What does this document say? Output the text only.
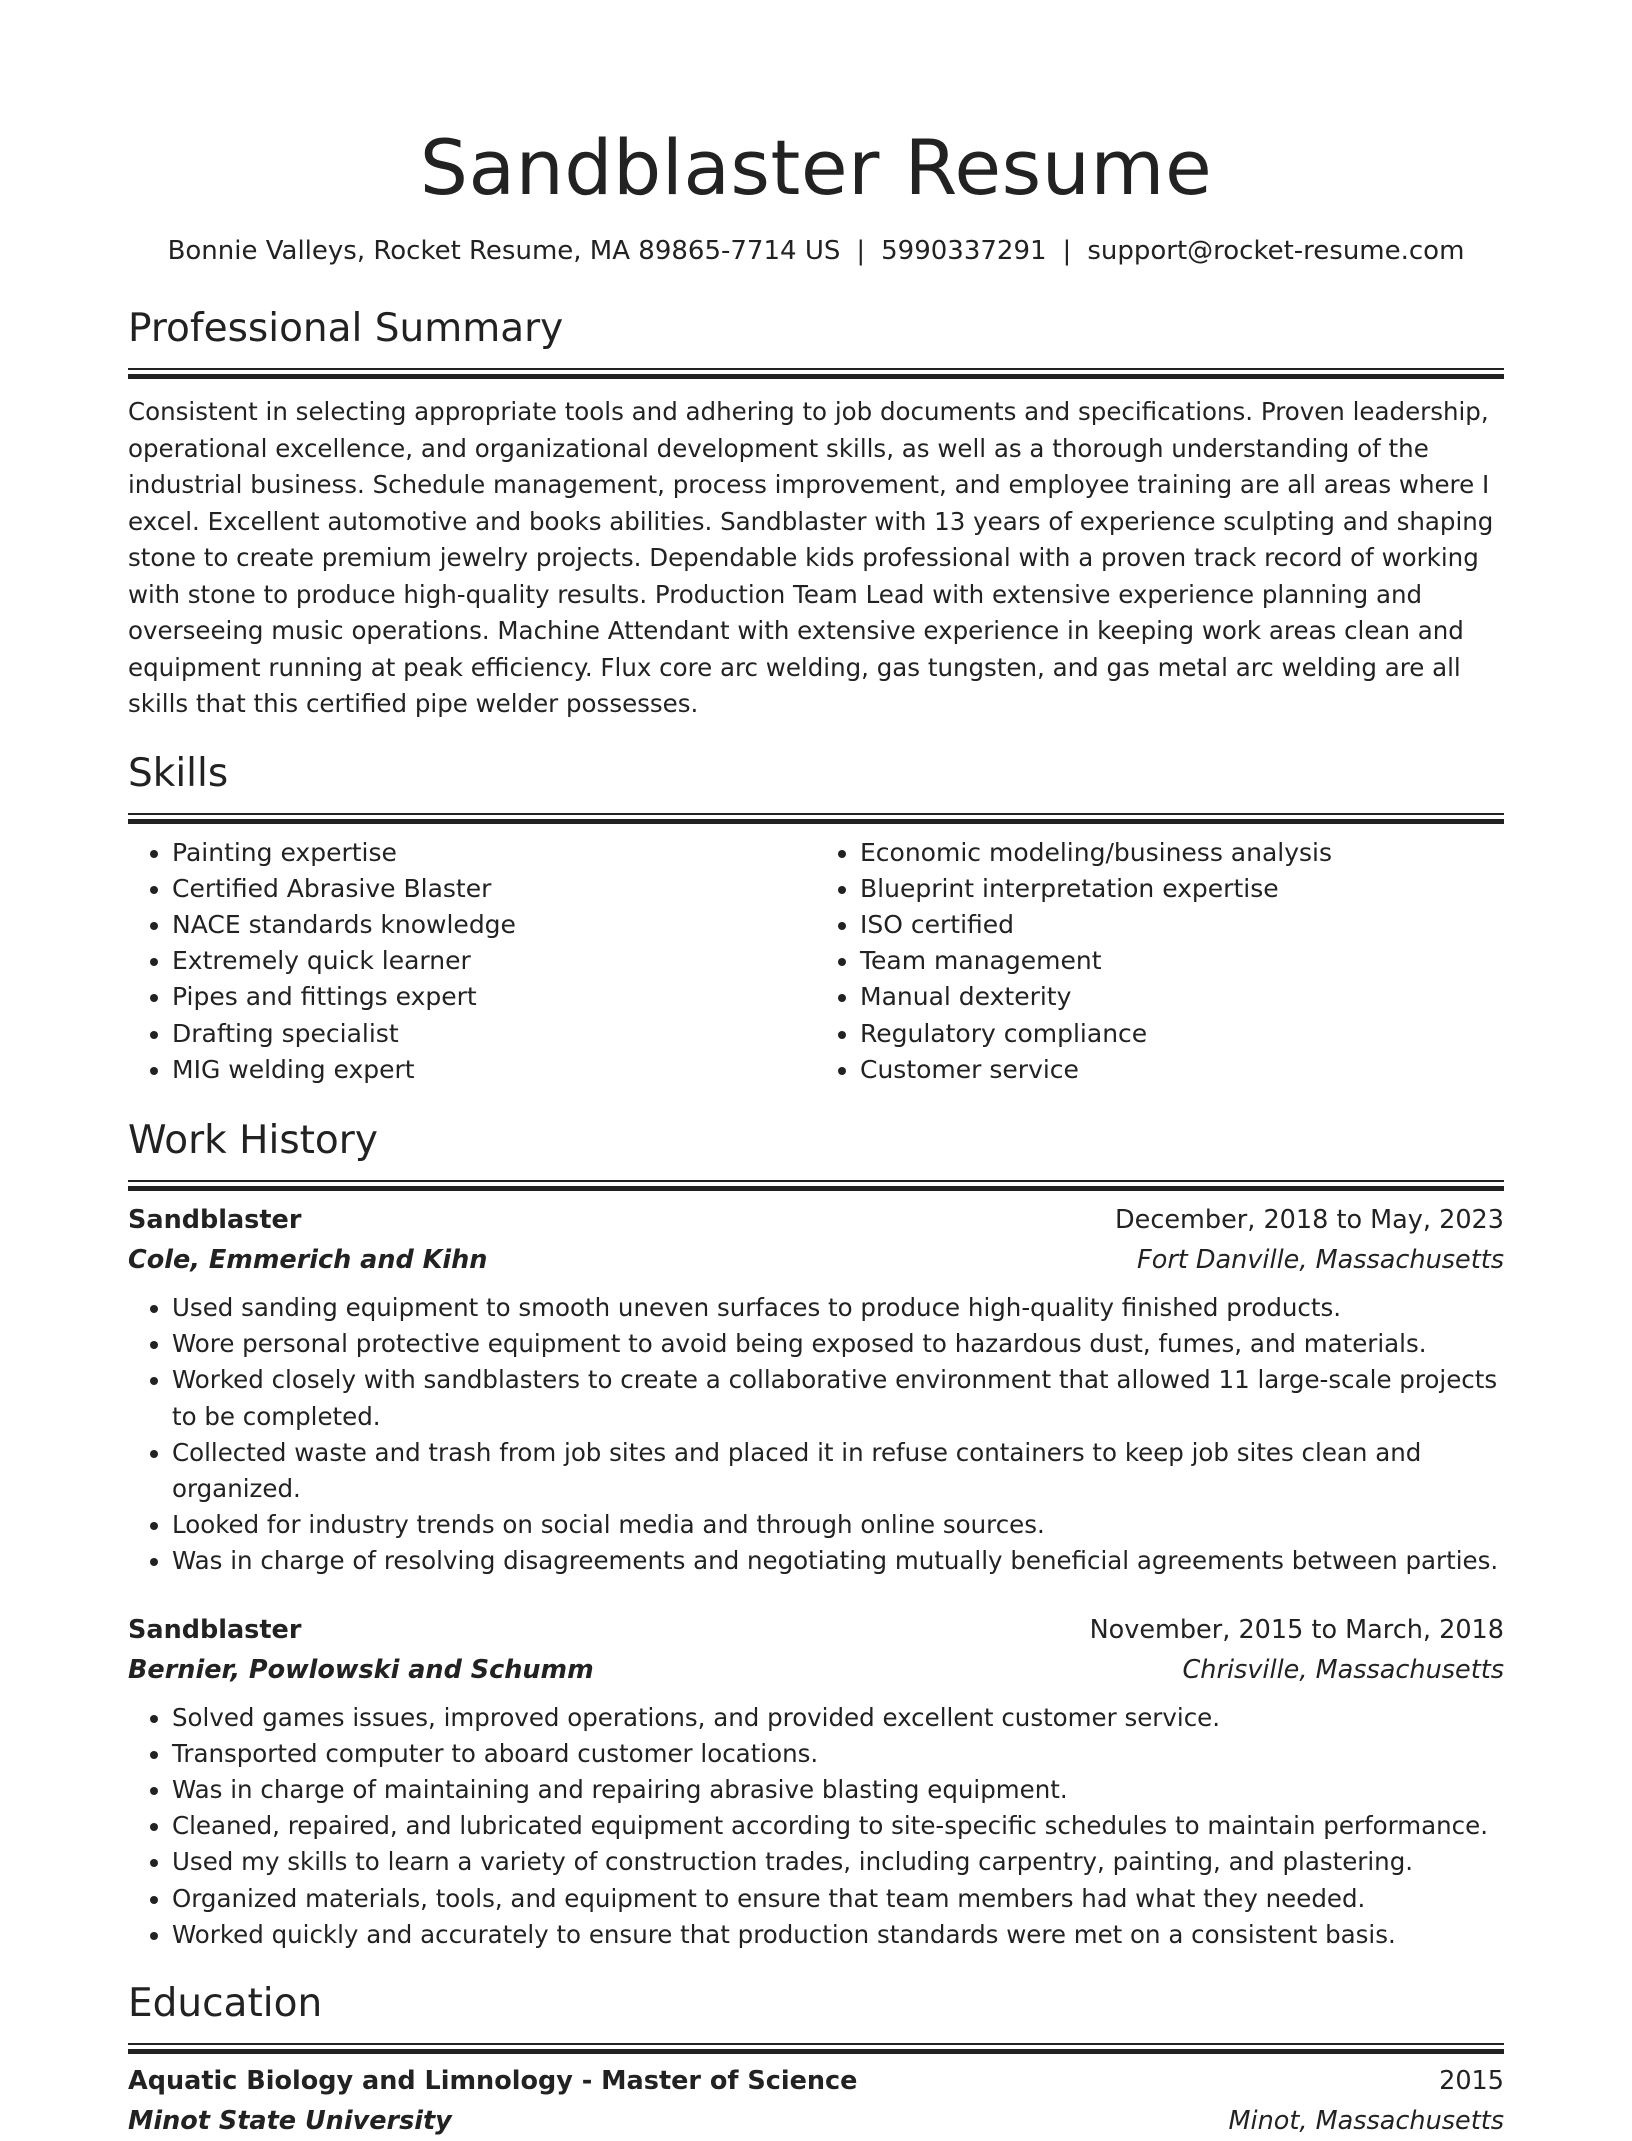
Sandblaster Resume
Bonnie Valleys, Rocket Resume, MA 89865-7714 US | 5990337291 | support@rocket-resume.com
Professional Summary

Consistent in selecting appropriate tools and adhering to job documents and specifications. Proven leadership, operational excellence, and organizational development skills, as well as a thorough understanding of the industrial business. Schedule management, process improvement, and employee training are all areas where I excel. Excellent automotive and books abilities. Sandblaster with 13 years of experience sculpting and shaping stone to create premium jewelry projects. Dependable kids professional with a proven track record of working with stone to produce high-quality results. Production Team Lead with extensive experience planning and overseeing music operations. Machine Attendant with extensive experience in keeping work areas clean and equipment running at peak efficiency. Flux core arc welding, gas tungsten, and gas metal arc welding are all skills that this certified pipe welder possesses.

Skills
• Painting expertise
• Certified Abrasive Blaster
• NACE standards knowledge
• Extremely quick learner
• Pipes and fittings expert
• Drafting specialist
• MIG welding expert
• Economic modeling/business analysis
• Blueprint interpretation expertise
• ISO certified
• Team management
• Manual dexterity
• Regulatory compliance
• Customer service
Work History
Sandblaster	December, 2018 to May, 2023
Cole, Emmerich and Kihn	Fort Danville, Massachusetts
• Used sanding equipment to smooth uneven surfaces to produce high-quality finished products.
• Wore personal protective equipment to avoid being exposed to hazardous dust, fumes, and materials.
• Worked closely with sandblasters to create a collaborative environment that allowed 11 large-scale projects to be completed.
• Collected waste and trash from job sites and placed it in refuse containers to keep job sites clean and organized.
• Looked for industry trends on social media and through online sources.
• Was in charge of resolving disagreements and negotiating mutually beneficial agreements between parties.
Sandblaster	November, 2015 to March, 2018
Bernier, Powlowski and Schumm	Chrisville, Massachusetts
• Solved games issues, improved operations, and provided excellent customer service.
• Transported computer to aboard customer locations.
• Was in charge of maintaining and repairing abrasive blasting equipment.
• Cleaned, repaired, and lubricated equipment according to site-specific schedules to maintain performance.
• Used my skills to learn a variety of construction trades, including carpentry, painting, and plastering.
• Organized materials, tools, and equipment to ensure that team members had what they needed.
• Worked quickly and accurately to ensure that production standards were met on a consistent basis.
Education
Aquatic Biology and Limnology - Master of Science	2015
Minot State University	Minot, Massachusetts
